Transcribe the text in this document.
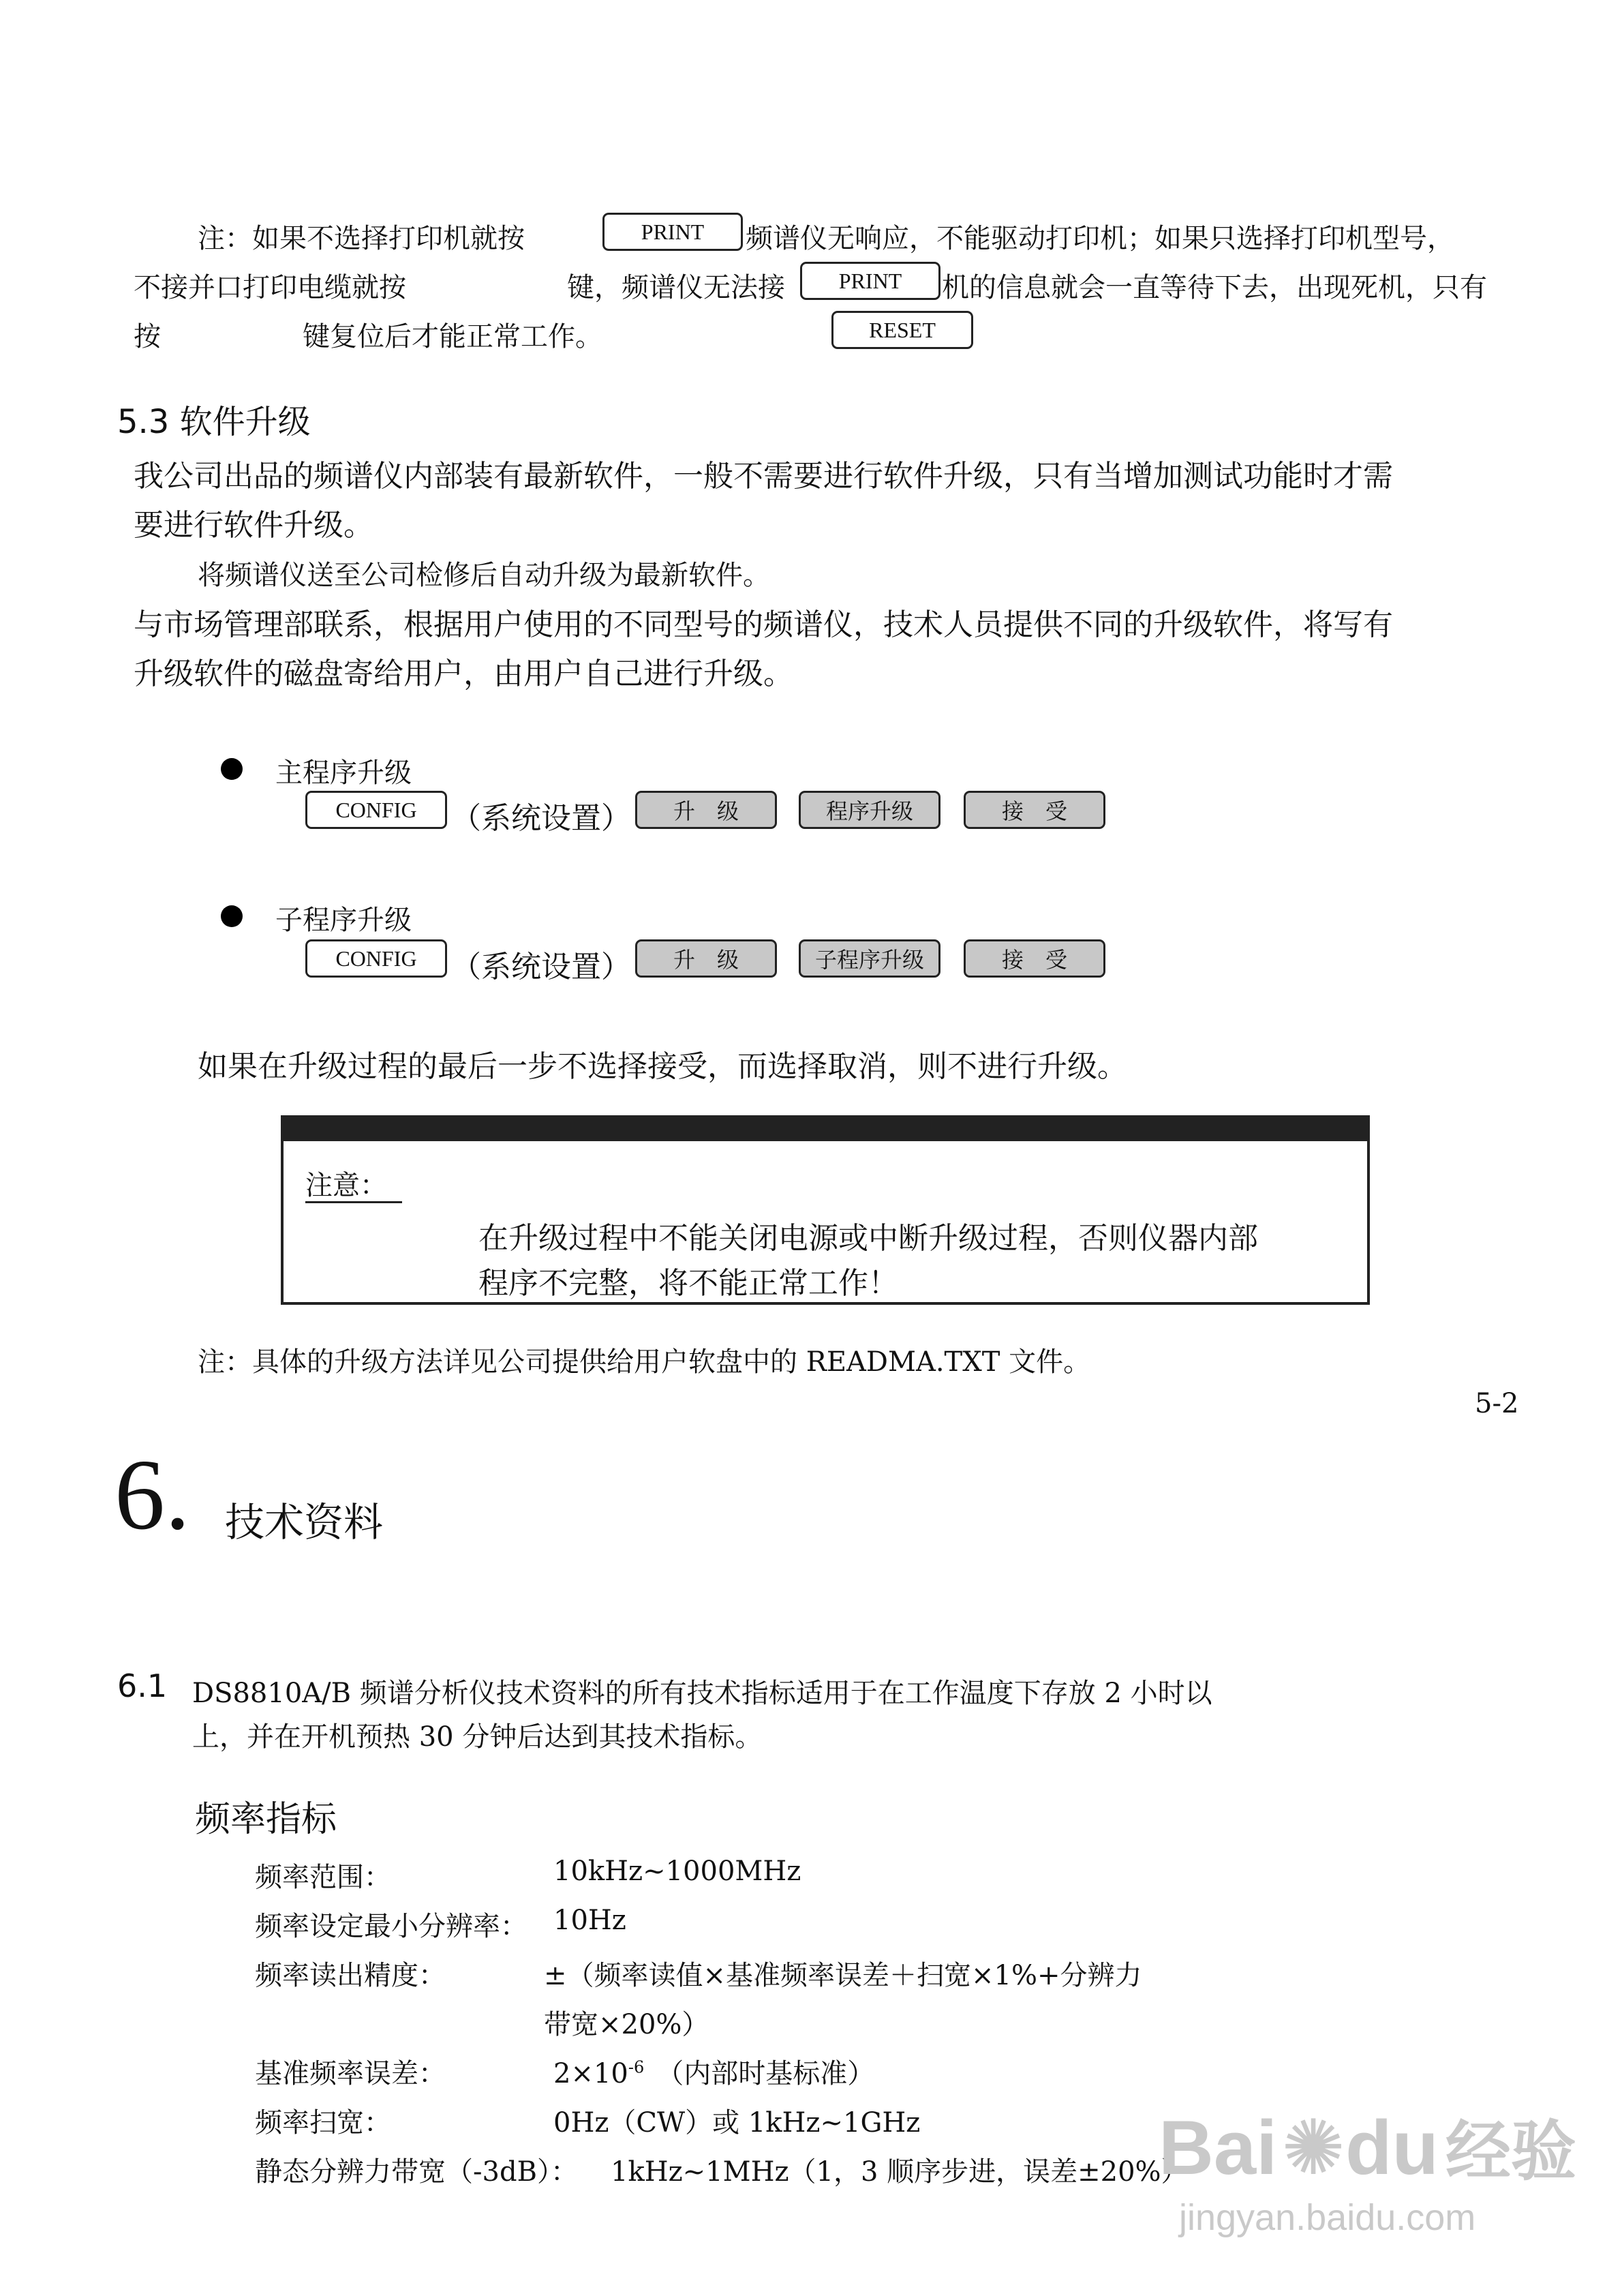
注：如果不选择打印机就按	PRINT	频谱仪无响应，不能驱动打印机；如果只选择打印机型号，
不接并口打印电缆就按	键，频谱仪无法接	PRINT	机的信息就会一直等待下去，出现死机，只有
按	键复位后才能正常工作。	RESET
5.3 软件升级
我公司出品的频谱仪内部装有最新软件，一般不需要进行软件升级，只有当增加测试功能时才需
要进行软件升级。
将频谱仪送至公司检修后自动升级为最新软件。
与市场管理部联系，根据用户使用的不同型号的频谱仪，技术人员提供不同的升级软件，将写有
升级软件的磁盘寄给用户，由用户自己进行升级。
主程序升级
CONFIG	（系统设置）	升　级	程序升级	接　受
子程序升级
CONFIG	（系统设置）	升　级	子程序升级	接　受
如果在升级过程的最后一步不选择接受，而选择取消，则不进行升级。
注意：
在升级过程中不能关闭电源或中断升级过程，否则仪器内部
程序不完整，将不能正常工作！
注：具体的升级方法详见公司提供给用户软盘中的 READMA.TXT 文件。
5-2
6. 技术资料
6.1 DS8810A/B 频谱分析仪技术资料的所有技术指标适用于在工作温度下存放 2 小时以
上，并在开机预热 30 分钟后达到其技术指标。
频率指标
频率范围：	10kHz~1000MHz
频率设定最小分辨率： 10Hz
频率读出精度：	±（频率读值×基准频率误差＋扫宽×1%+分辨力
带宽×20%）
基准频率误差：	$2\times 10^{-6}$ （内部时基标准）
频率扫宽：	0Hz（CW）或 1kHz~1GHz
静态分辨力带宽（-3dB）： 1kHz~1MHz（1，3 顺序步进，误差±20%）
Bai✺du 经验
jingyan.baidu.com
